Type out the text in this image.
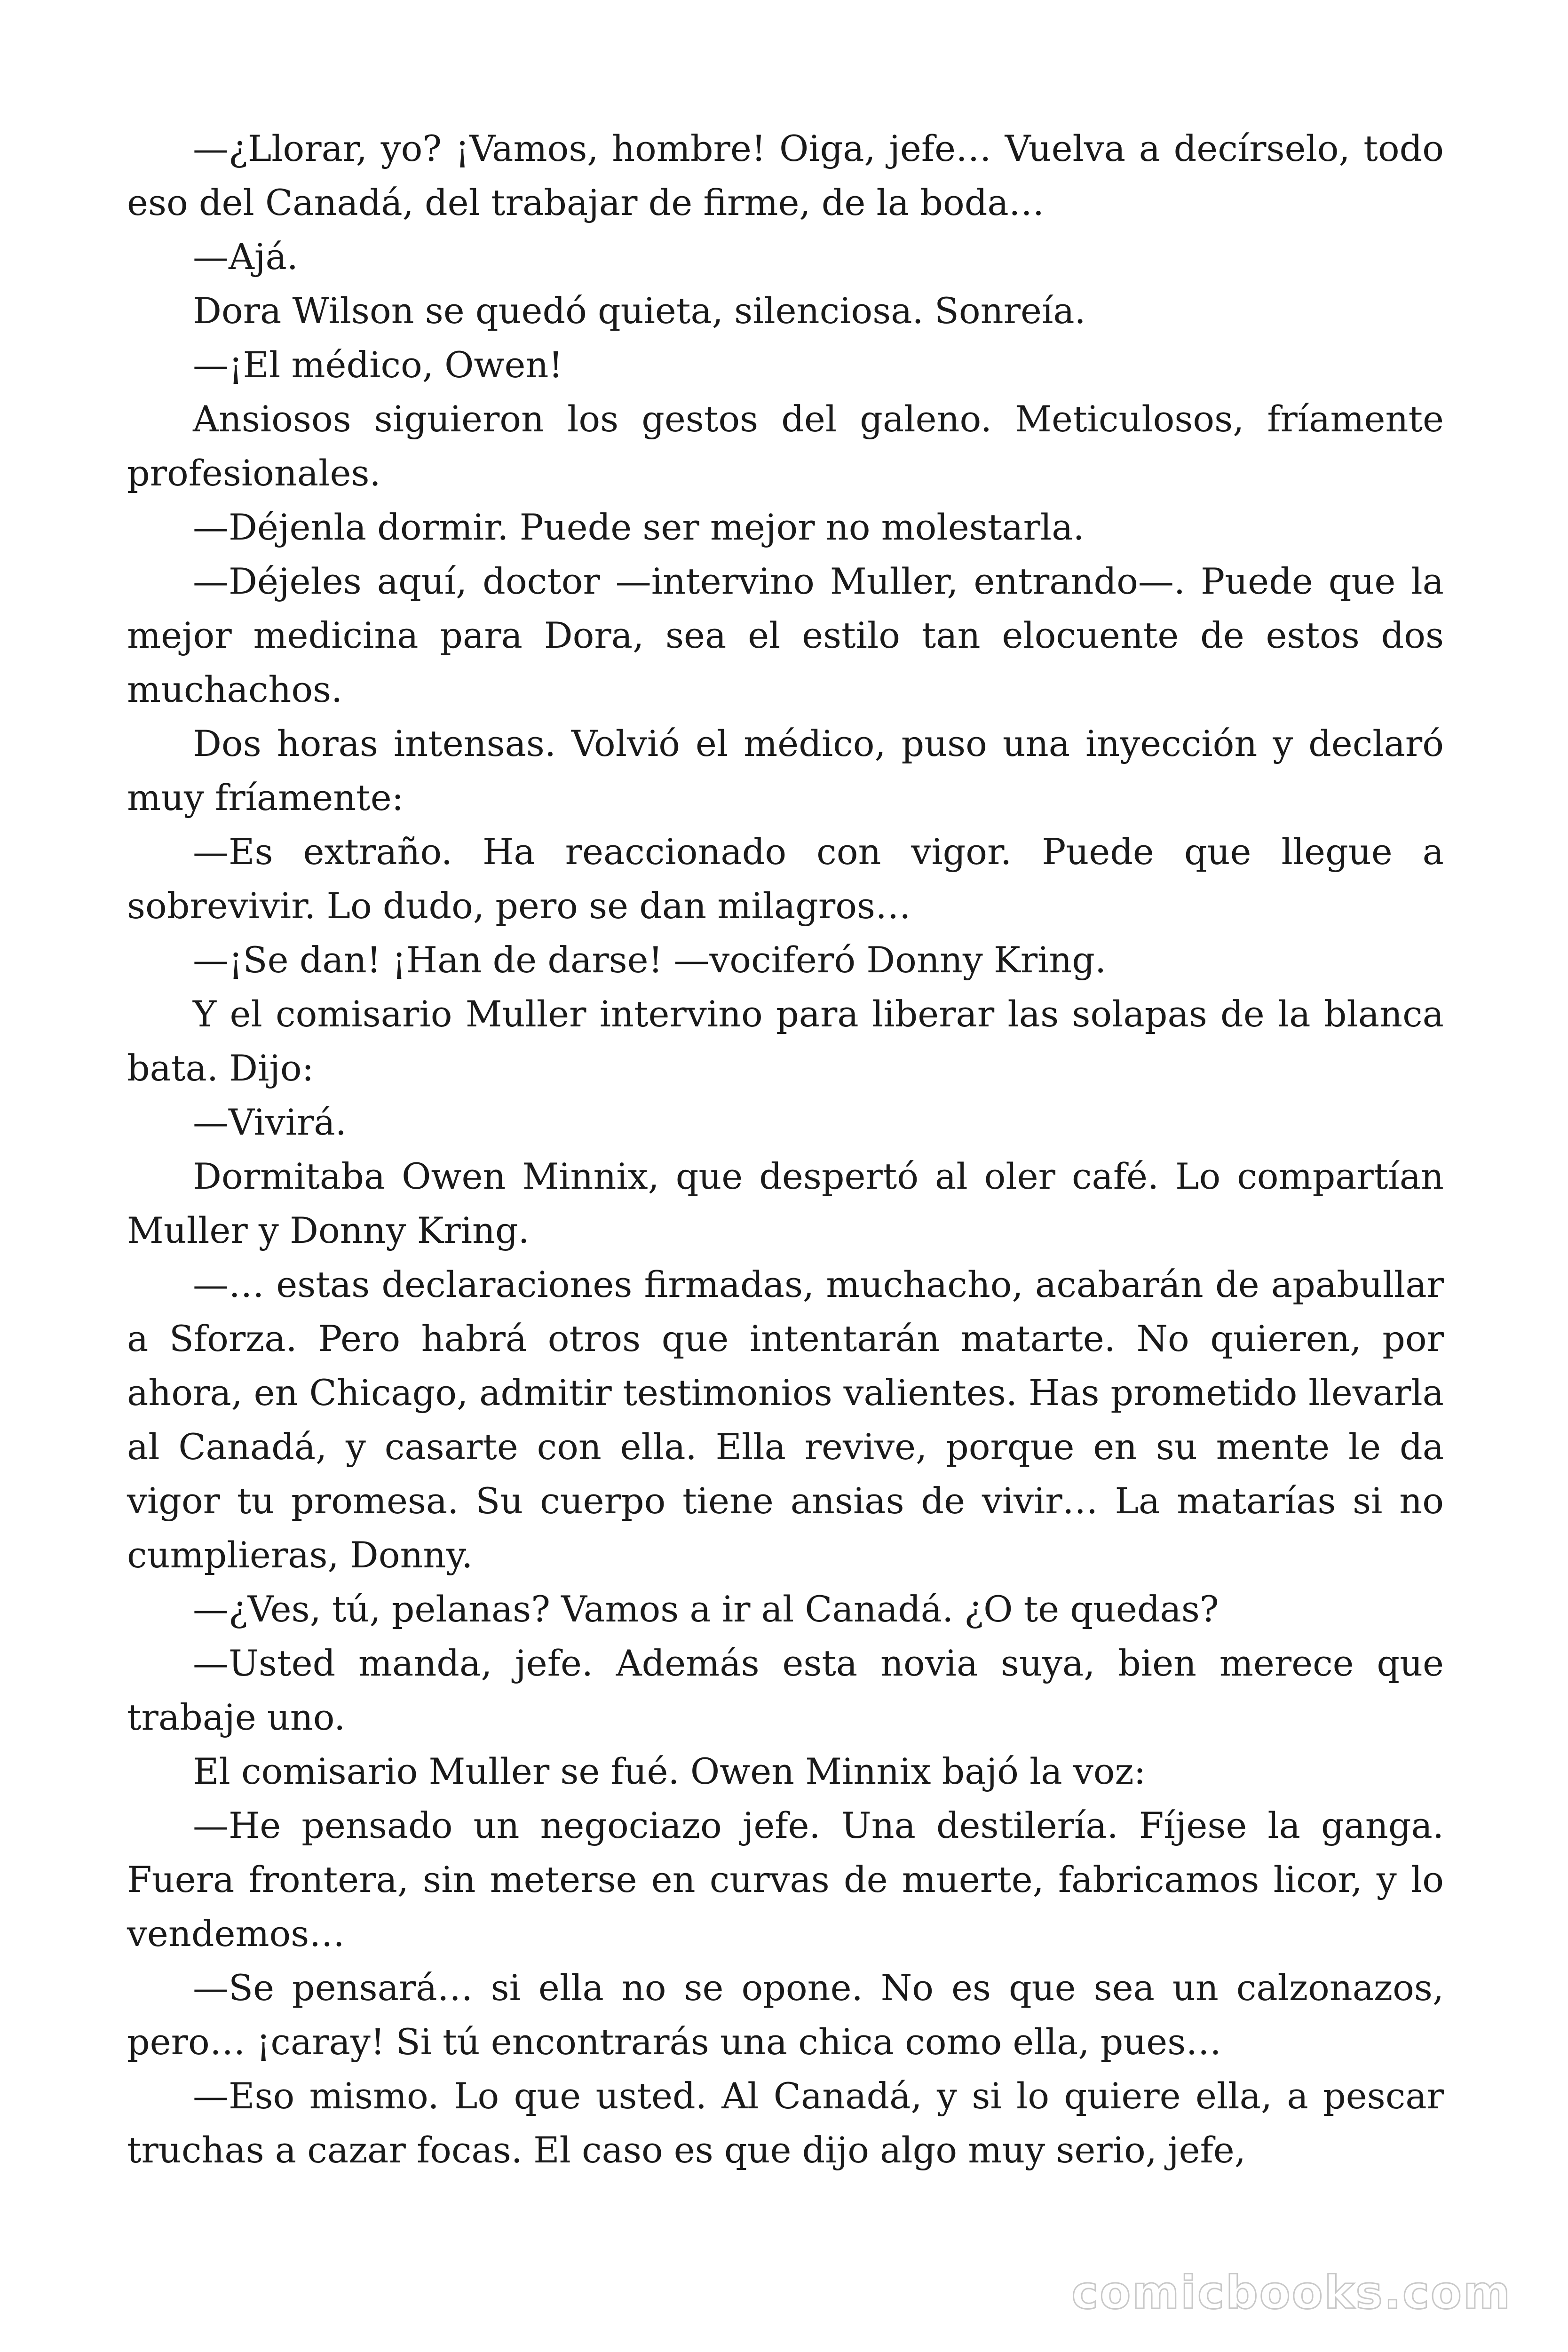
—¿Llorar, yo? ¡Vamos, hombre! Oiga, jefe… Vuelva a decírselo, todo eso del Canadá, del trabajar de firme, de la boda…

—Ajá.

Dora Wilson se quedó quieta, silenciosa. Sonreía.

—¡El médico, Owen!

Ansiosos siguieron los gestos del galeno. Meticulosos, fríamente profesionales.

—Déjenla dormir. Puede ser mejor no molestarla.

—Déjeles aquí, doctor —intervino Muller, entrando—. Puede que la mejor medicina para Dora, sea el estilo tan elocuente de estos dos muchachos.

Dos horas intensas. Volvió el médico, puso una inyección y declaró muy fríamente:

—Es extraño. Ha reaccionado con vigor. Puede que llegue a sobrevivir. Lo dudo, pero se dan milagros…

—¡Se dan! ¡Han de darse! —vociferó Donny Kring.

Y el comisario Muller intervino para liberar las solapas de la blanca bata. Dijo:

—Vivirá.

Dormitaba Owen Minnix, que despertó al oler café. Lo compartían Muller y Donny Kring.

—… estas declaraciones firmadas, muchacho, acabarán de apabullar a Sforza. Pero habrá otros que intentarán matarte. No quieren, por ahora, en Chicago, admitir testimonios valientes. Has prometido llevarla al Canadá, y casarte con ella. Ella revive, porque en su mente le da vigor tu promesa. Su cuerpo tiene ansias de vivir… La matarías si no cumplieras, Donny.

—¿Ves, tú, pelanas? Vamos a ir al Canadá. ¿O te quedas?

—Usted manda, jefe. Además esta novia suya, bien merece que trabaje uno.

El comisario Muller se fué. Owen Minnix bajó la voz:

—He pensado un negociazo jefe. Una destilería. Fíjese la ganga. Fuera frontera, sin meterse en curvas de muerte, fabricamos licor, y lo vendemos…

—Se pensará… si ella no se opone. No es que sea un calzonazos, pero… ¡caray! Si tú encontrarás una chica como ella, pues…

—Eso mismo. Lo que usted. Al Canadá, y si lo quiere ella, a pescar truchas a cazar focas. El caso es que dijo algo muy serio, jefe,

comicbooks.com
